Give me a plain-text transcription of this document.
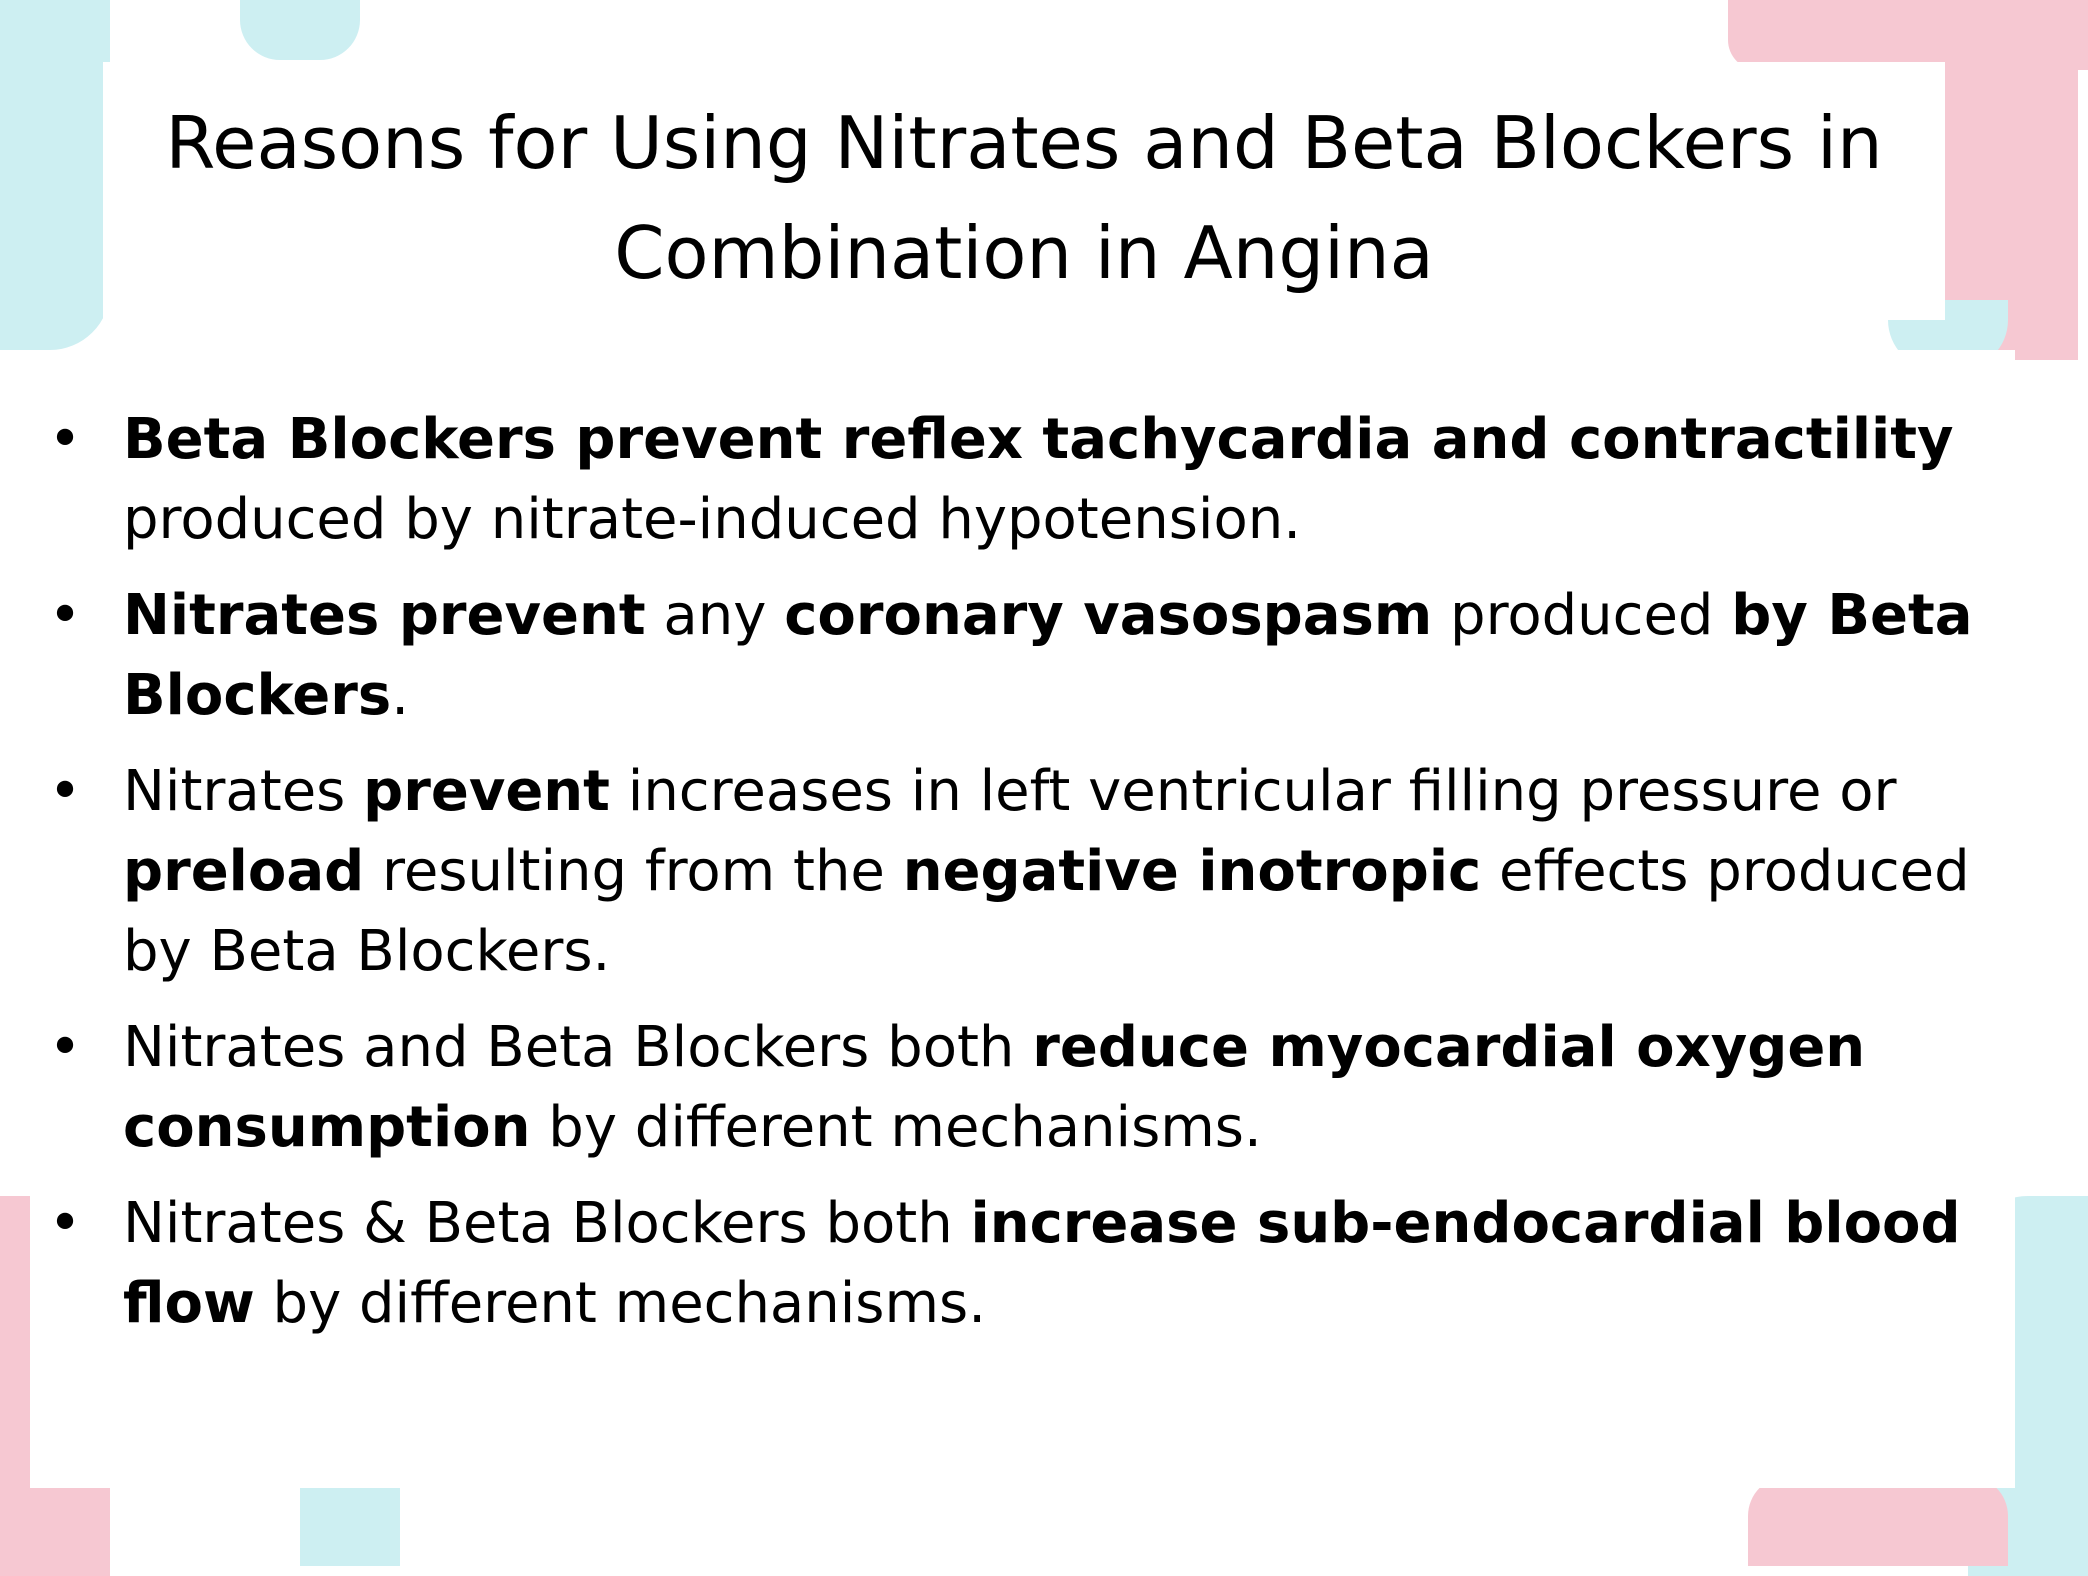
Reasons for Using Nitrates and Beta Blockers in Combination in Angina
• Beta Blockers prevent reflex tachycardia and contractility produced by nitrate-induced hypotension.
• Nitrates prevent any coronary vasospasm produced by Beta Blockers.
• Nitrates prevent increases in left ventricular filling pressure or preload resulting from the negative inotropic effects produced by Beta Blockers.
• Nitrates and Beta Blockers both reduce myocardial oxygen consumption by different mechanisms.
• Nitrates & Beta Blockers both increase sub-endocardial blood flow by different mechanisms.
